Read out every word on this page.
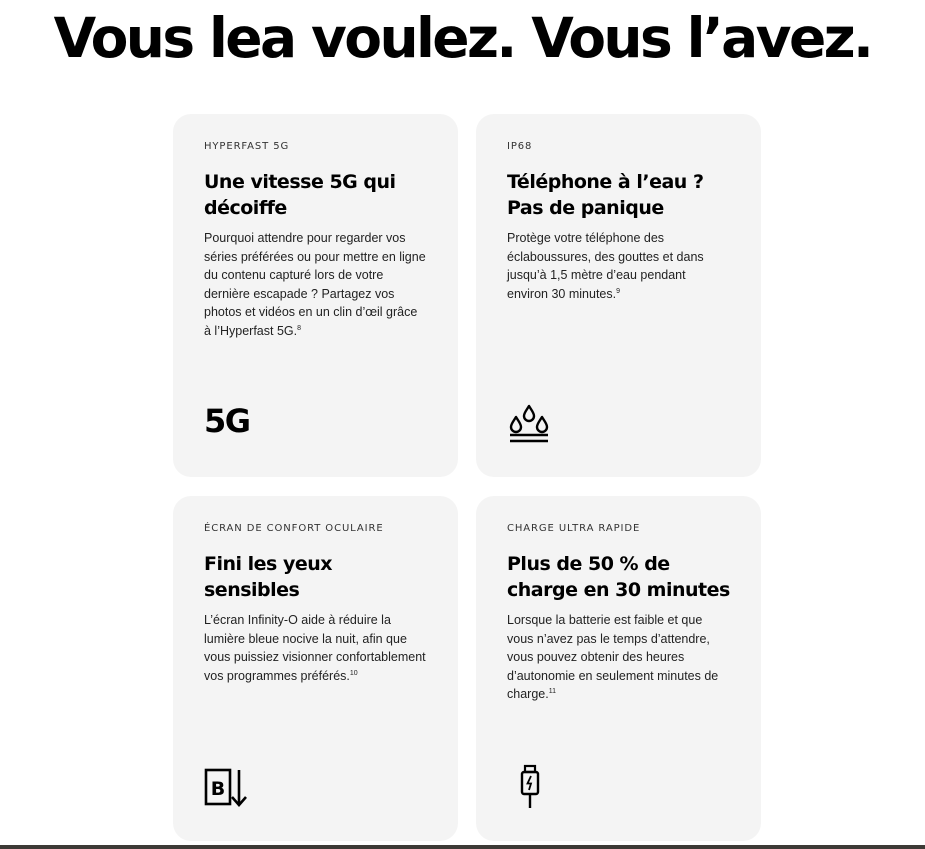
Vous lea voulez. Vous l’avez.

HYPERFAST 5G

Une vitesse 5G qui
décoiffe

Pourquoi attendre pour regarder vos séries préférées ou pour mettre en ligne du contenu capturé lors de votre dernière escapade ? Partagez vos photos et vidéos en un clin d’œil grâce à l’Hyperfast 5G.$^8$

5G

IP68

Téléphone à l’eau ?
Pas de panique

Protège votre téléphone des éclaboussures, des gouttes et dans jusqu’à 1,5 mètre d’eau pendant environ 30 minutes.$^9$

ÉCRAN DE CONFORT OCULAIRE

Fini les yeux sensibles

L’écran Infinity-O aide à réduire la lumière bleue nocive la nuit, afin que vous puissiez visionner confortablement vos programmes préférés.$^{10}$

B

CHARGE ULTRA RAPIDE

Plus de 50 % de
charge en 30 minutes

Lorsque la batterie est faible et que vous n’avez pas le temps d’attendre, vous pouvez obtenir des heures d’autonomie en seulement minutes de charge.$^{11}$
